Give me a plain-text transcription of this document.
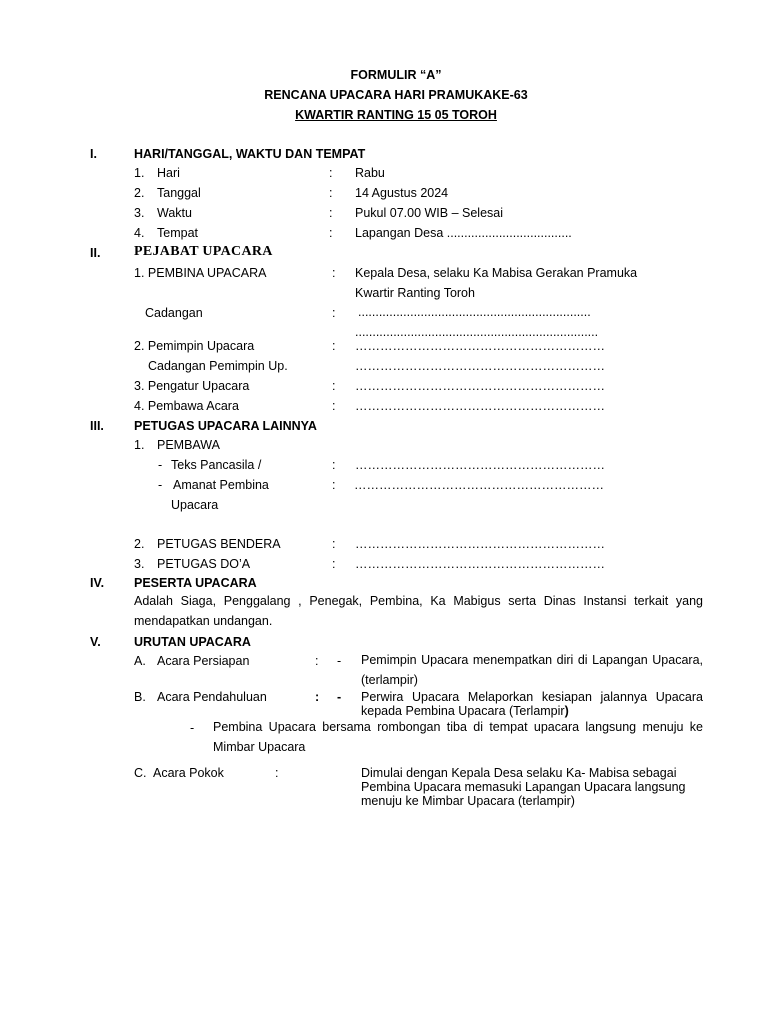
FORMULIR “A”
RENCANA UPACARA HARI PRAMUKAKE-63
KWARTIR RANTING 15 05 TOROH
I.	HARI/TANGGAL, WAKTU DAN TEMPAT
1. Hari	: Rabu
2. Tanggal	: 14 Agustus 2024
3. Waktu	: Pukul 07.00 WIB – Selesai
4. Tempat	: Lapangan Desa ....................................
II. PEJABAT UPACARA
1. PEMBINA UPACARA	: Kepala Desa, selaku Ka Mabisa Gerakan Pramuka
Kwartir Ranting Toroh
Cadangan	: ...................................................................
......................................................................
2. Pemimpin Upacara	: ……………………………………………………
Cadangan Pemimpin Up.	……………………………………………………
3. Pengatur Upacara	: ……………………………………………………
4. Pembawa Acara	: ……………………………………………………
III. PETUGAS UPACARA LAINNYA
1. PEMBAWA
- Teks Pancasila /	: ……………………………………………………
- Amanat Pembina	: ……………………………………………………
Upacara
2. PETUGAS BENDERA	: ……………………………………………………
3. PETUGAS DO’A	: ……………………………………………………
IV. PESERTA UPACARA
Adalah Siaga, Penggalang , Penegak, Pembina, Ka Mabigus serta Dinas Instansi terkait yang mendapatkan undangan.
V.	URUTAN UPACARA
A. Acara Persiapan	: - Pemimpin Upacara menempatkan diri di Lapangan Upacara, (terlampir)
B. Acara Pendahuluan	: - Perwira Upacara Melaporkan kesiapan jalannya Upacara kepada Pembina Upacara (Terlampir)
- Pembina Upacara bersama rombongan tiba di tempat upacara langsung menuju ke Mimbar Upacara
C. Acara Pokok	:	Dimulai dengan Kepala Desa selaku Ka- Mabisa sebagai Pembina Upacara memasuki Lapangan Upacara langsung menuju ke Mimbar Upacara (terlampir)
